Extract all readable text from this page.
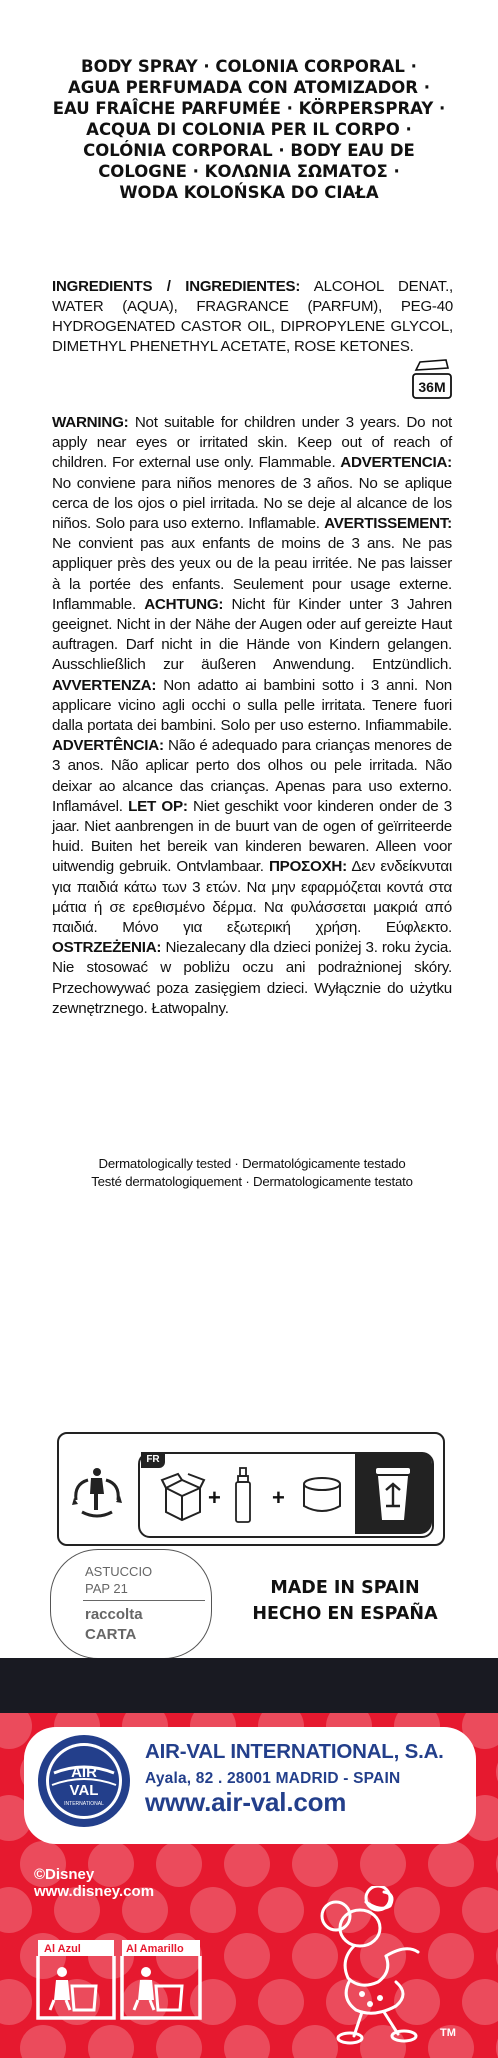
BODY SPRAY · COLONIA CORPORAL ·
AGUA PERFUMADA CON ATOMIZADOR ·
EAU FRAÎCHE PARFUMÉE · KÖRPERSPRAY ·
ACQUA DI COLONIA PER IL CORPO ·
COLÓNIA CORPORAL · BODY EAU DE
COLOGNE · ΚΟΛΩΝΙΑ ΣΩΜΑΤΟΣ ·
WODA KOLOŃSKA DO CIAŁA
INGREDIENTS / INGREDIENTES: ALCOHOL DENAT., WATER (AQUA), FRAGRANCE (PARFUM), PEG-40 HYDROGENATED CASTOR OIL, DIPROPYLENE GLYCOL, DIMETHYL PHENETHYL ACETATE, ROSE KETONES.
36M
WARNING: Not suitable for children under 3 years. Do not apply near eyes or irritated skin. Keep out of reach of children. For external use only. Flammable. ADVERTENCIA: No conviene para niños menores de 3 años. No se aplique cerca de los ojos o piel irritada. No se deje al alcance de los niños. Solo para uso externo. Inflamable. AVERTISSEMENT: Ne convient pas aux enfants de moins de 3 ans. Ne pas appliquer près des yeux ou de la peau irritée. Ne pas laisser à la portée des enfants. Seulement pour usage externe. Inflammable. ACHTUNG: Nicht für Kinder unter 3 Jahren geeignet. Nicht in der Nähe der Augen oder auf gereizte Haut auftragen. Darf nicht in die Hände von Kindern gelangen. Ausschließlich zur äußeren Anwendung. Entzündlich. AVVERTENZA: Non adatto ai bambini sotto i 3 anni. Non applicare vicino agli occhi o sulla pelle irritata. Tenere fuori dalla portata dei bambini. Solo per uso esterno. Infiammabile. ADVERTÊNCIA: Não é adequado para crianças menores de 3 anos. Não aplicar perto dos olhos ou pele irritada. Não deixar ao alcance das crianças. Apenas para uso externo. Inflamável. LET OP: Niet geschikt voor kinderen onder de 3 jaar. Niet aanbrengen in de buurt van de ogen of geïrriteerde huid. Buiten het bereik van kinderen bewaren. Alleen voor uitwendig gebruik. Ontvlambaar. ΠΡΟΣΟΧΗ: Δεν ενδείκνυται για παιδιά κάτω των 3 ετών. Να μην εφαρμόζεται κοντά στα μάτια ή σε ερεθισμένο δέρμα. Να φυλάσσεται μακριά από παιδιά. Μόνο για εξωτερική χρήση. Εύφλεκτο. OSTRZEŻENIA: Niezalecany dla dzieci poniżej 3. roku życia. Nie stosować w pobliżu oczu ani podrażnionej skóry. Przechowywać poza zasięgiem dzieci. Wyłącznie do użytku zewnętrznego. Łatwopalny.
Dermatologically tested · Dermatológicamente testado
Testé dermatologiquement · Dermatologicamente testato
FR
+ +
ASTUCCIO
PAP 21
raccolta
CARTA
MADE IN SPAIN
HECHO EN ESPAÑA
AIR
VAL
INTERNATIONAL
AIR-VAL INTERNATIONAL, S.A.
Ayala, 82 . 28001 MADRID - SPAIN
www.air-val.com
©Disney
www.disney.com
Al Azul	Al Amarillo
TM
